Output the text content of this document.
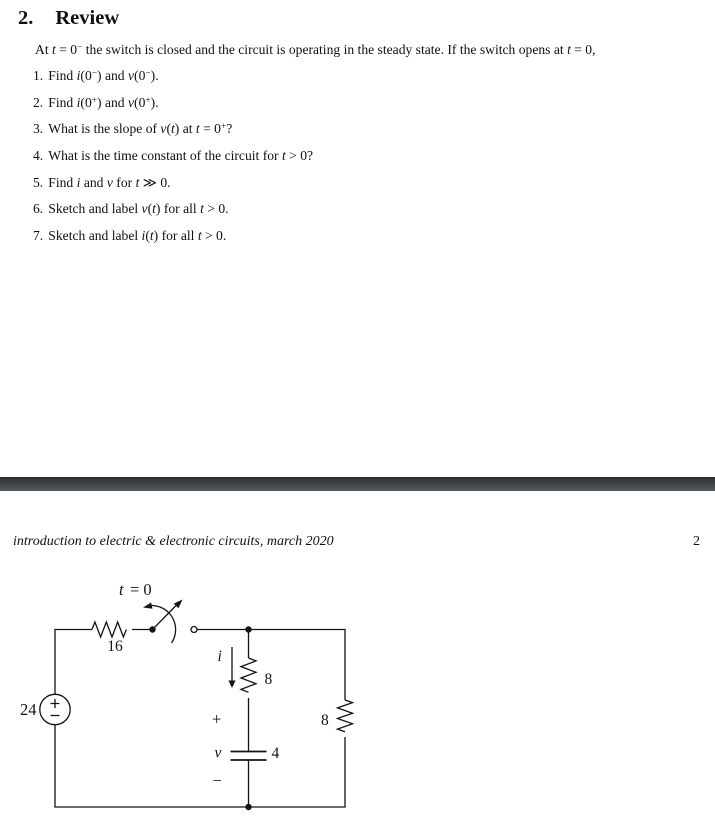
2. Review
At t = 0− the switch is closed and the circuit is operating in the steady state. If the switch opens at t = 0,
1. Find i(0−) and v(0−).
2. Find i(0+) and v(0+).
3. What is the slope of v(t) at t = 0+?
4. What is the time constant of the circuit for t > 0?
5. Find i and v for t ≫ 0.
6. Sketch and label v(t) for all t > 0.
7. Sketch and label i(t) for all t > 0.
introduction to electric & electronic circuits, march 2020	2
24
16
t = 0
i
8
+
v	4
−
8
